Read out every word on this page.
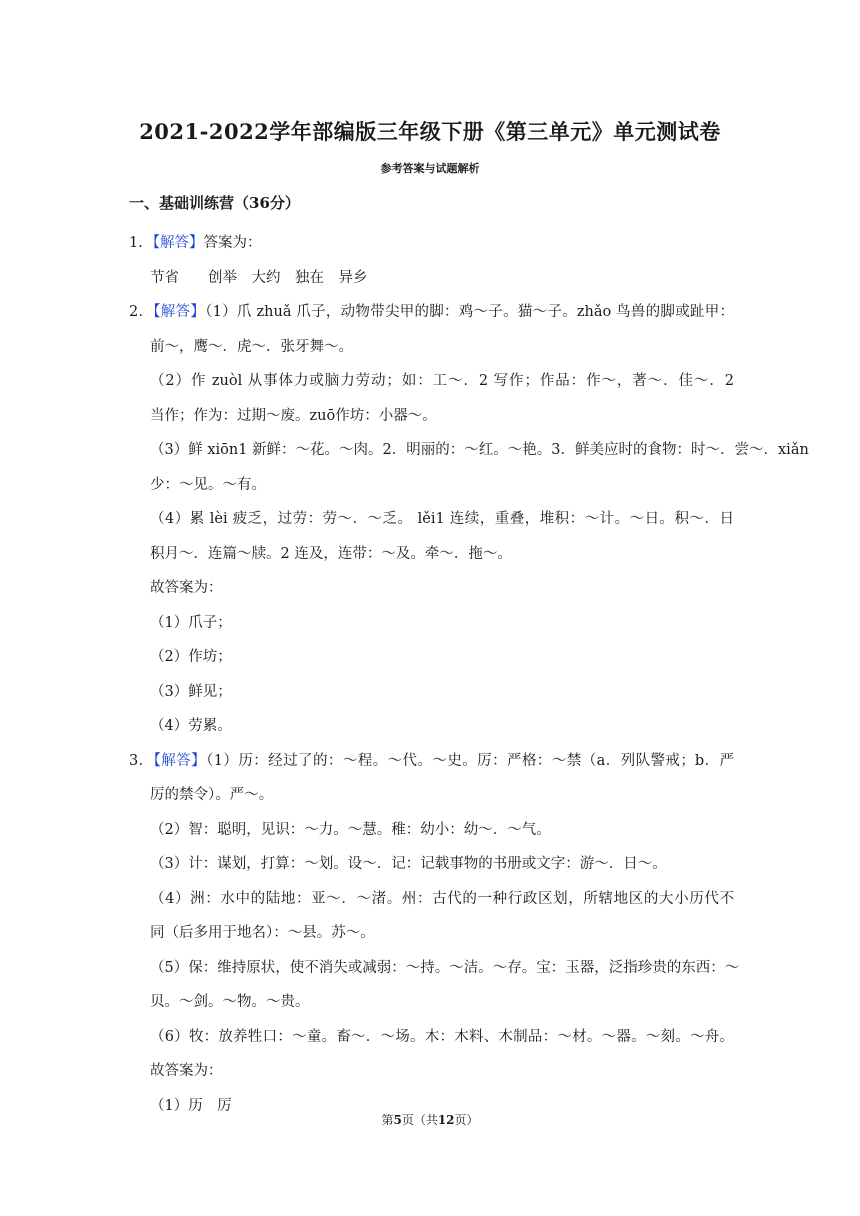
2021-2022学年部编版三年级下册《第三单元》单元测试卷
参考答案与试题解析
一、基础训练营（36分）
1．【解答】答案为：
节省　　创举　大约　独在　异乡
2．【解答】（1）爪 zhuǎ 爪子，动物带尖甲的脚：鸡～子。猫～子。zhǎo 鸟兽的脚或趾甲：
前～，鹰～．虎～．张牙舞～。
（2）作 zuòl 从事体力或脑力劳动；如：工～．2 写作；作品：作～，著～．佳～．2
当作；作为：过期～废。zuō作坊：小器～。
（3）鲜 xiōn1 新鲜：～花。～肉。2．明丽的：～红。～艳。3．鲜美应时的食物：时～．尝～．xiǎn
少：～见。～有。
（4）累 lèi 疲乏，过劳：劳～．～乏。 lěi1 连续，重叠，堆积：～计。～日。积～．日
积月～．连篇～牍。2 连及，连带：～及。牵～．拖～。
故答案为：
（1）爪子；
（2）作坊；
（3）鲜见；
（4）劳累。
3．【解答】（1）历：经过了的：～程。～代。～史。厉：严格：～禁（a．列队警戒；b．严
厉的禁令）。严～。
（2）智：聪明，见识：～力。～慧。稚：幼小：幼～．～气。
（3）计：谋划，打算：～划。设～．记：记载事物的书册或文字：游～．日～。
（4）洲：水中的陆地：亚～．～渚。州：古代的一种行政区划，所辖地区的大小历代不
同（后多用于地名）：～县。苏～。
（5）保：维持原状，使不消失或减弱：～持。～洁。～存。宝：玉器，泛指珍贵的东西：～
贝。～剑。～物。～贵。
（6）牧：放养牲口：～童。畜～．～场。木：木料、木制品：～材。～器。～刻。～舟。
故答案为：
（1）历　厉
第5页（共12页）
